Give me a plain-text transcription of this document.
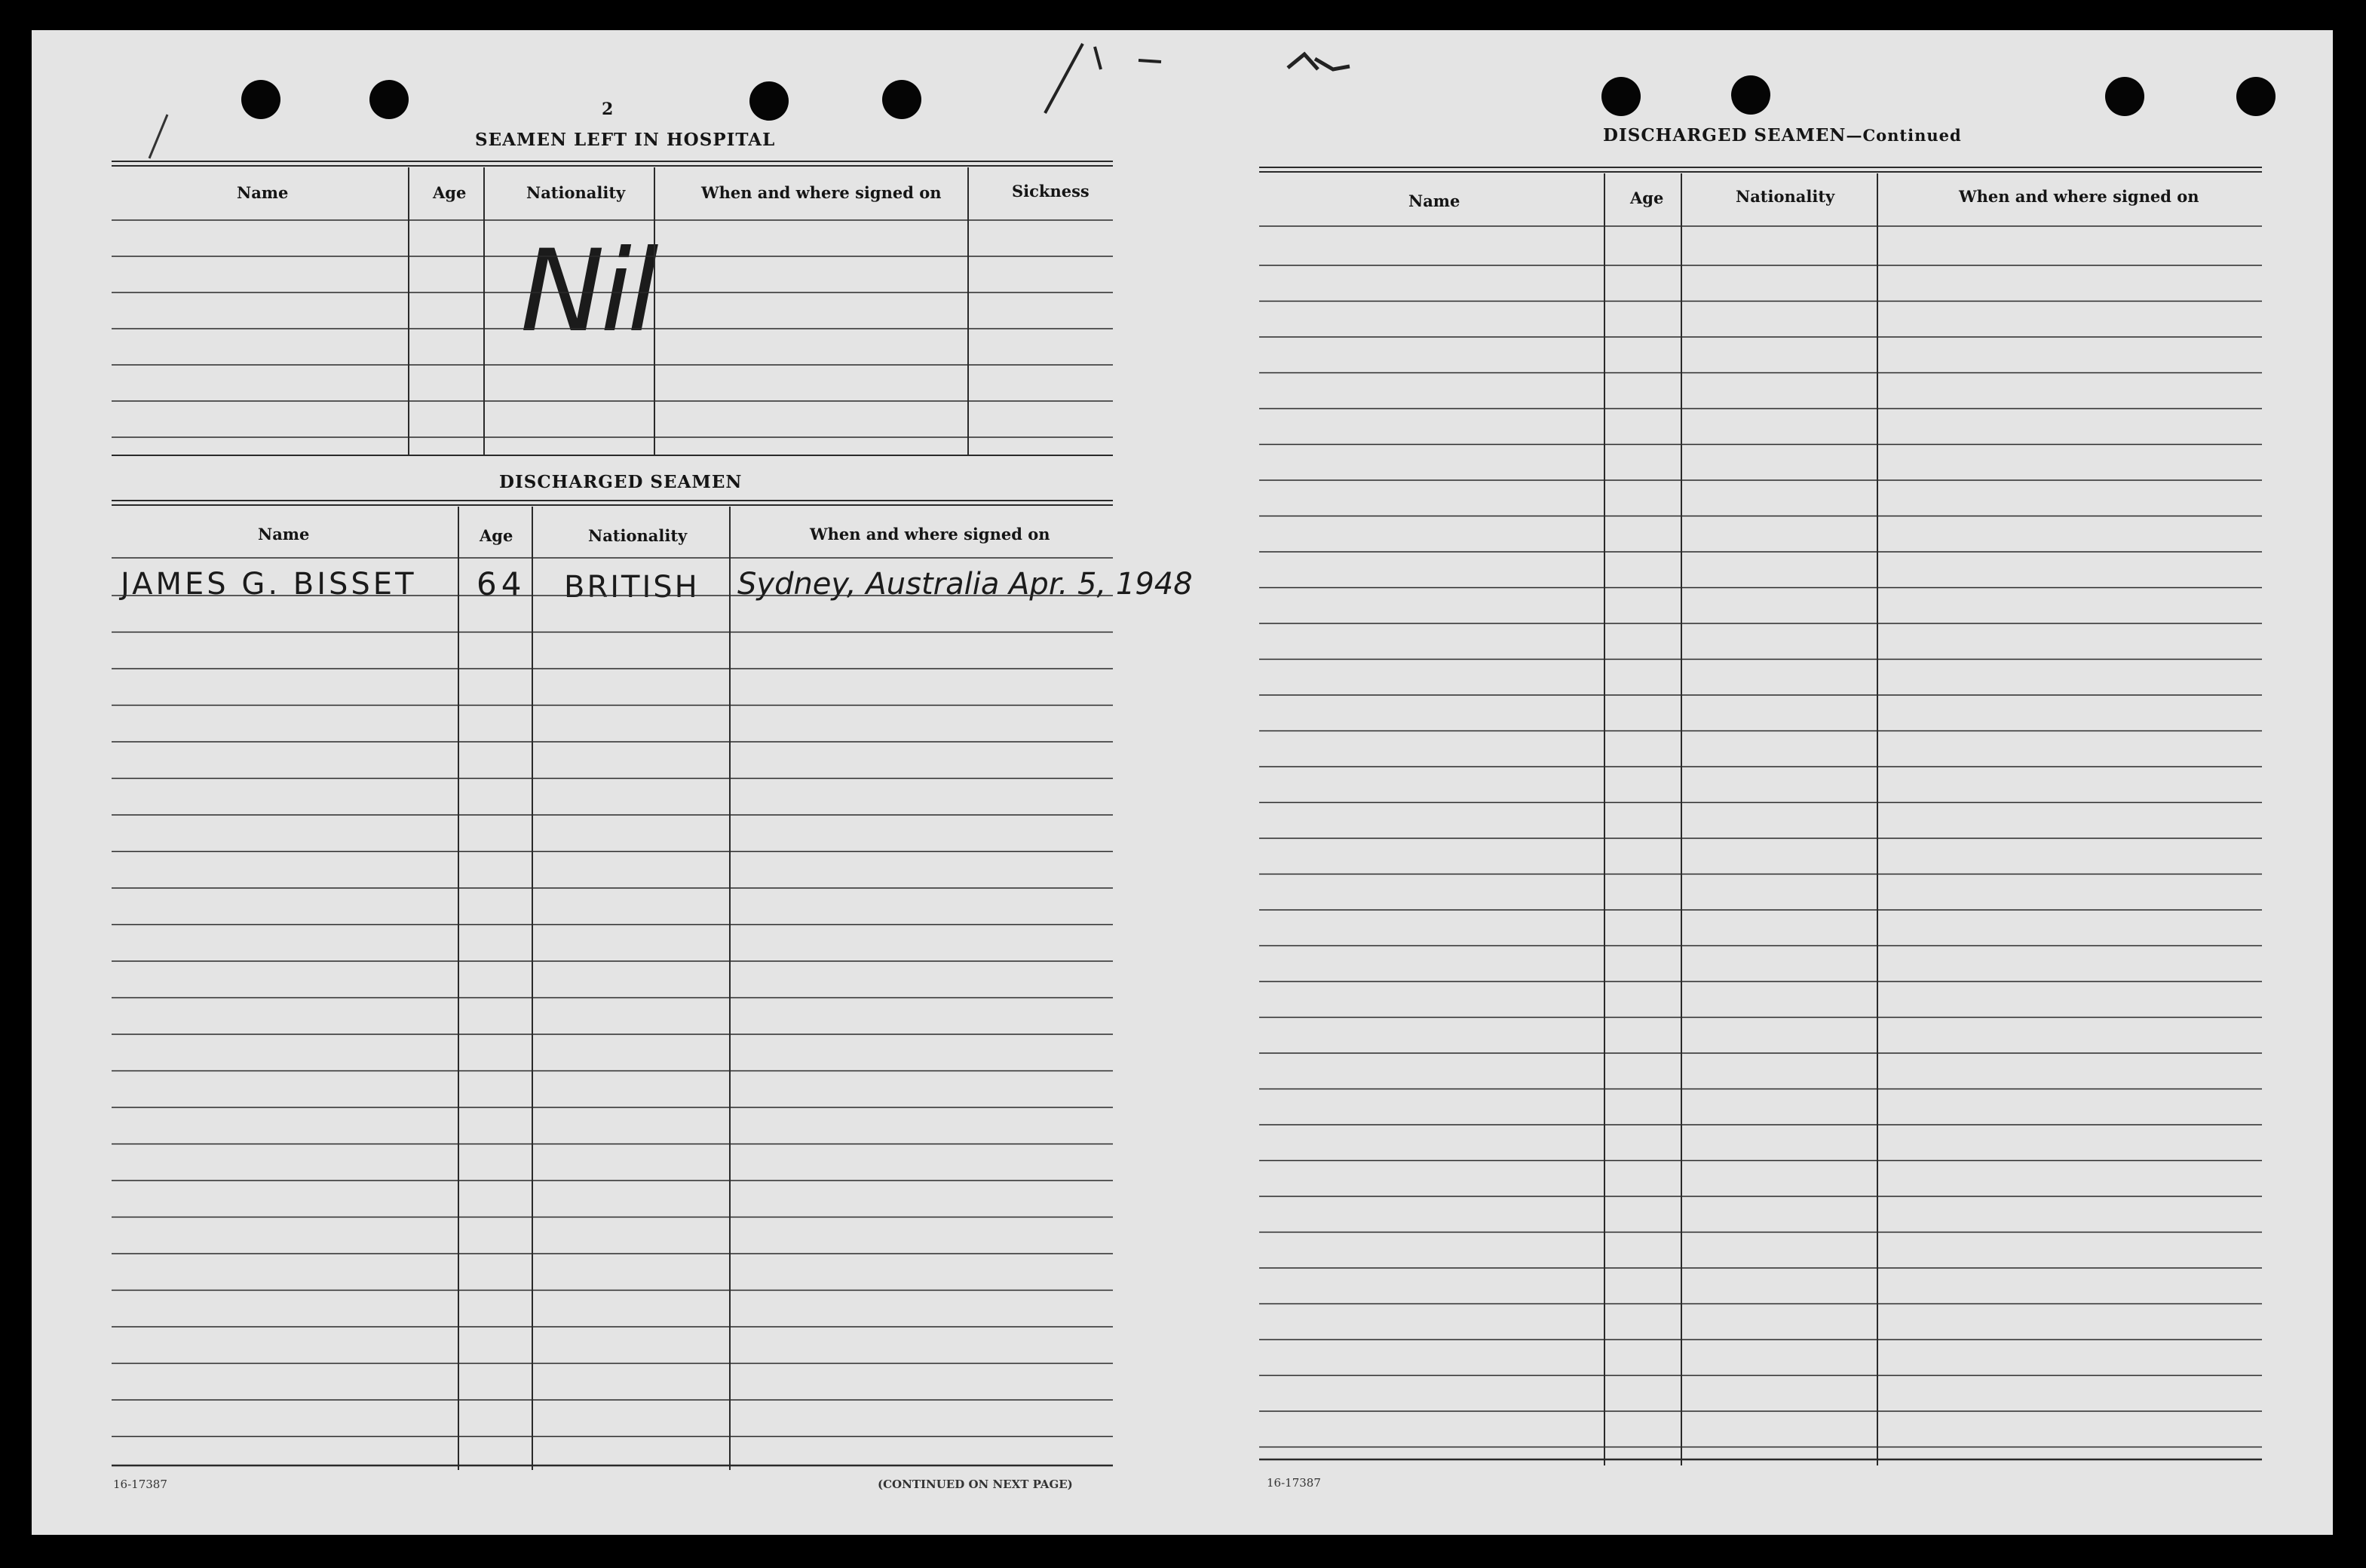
2
SEAMEN LEFT IN HOSPITAL
Name	Age	Nationality	When and where signed on	Sickness
Nil
DISCHARGED SEAMEN
Name	Age	Nationality	When and where signed on
JAMES G. BISSET 64 BRITISH Sydney, Australia Apr. 5, 1948
16-17387	(CONTINUED ON NEXT PAGE)
DISCHARGED SEAMEN—Continued
Name	Age	Nationality	When and where signed on
16-17387
